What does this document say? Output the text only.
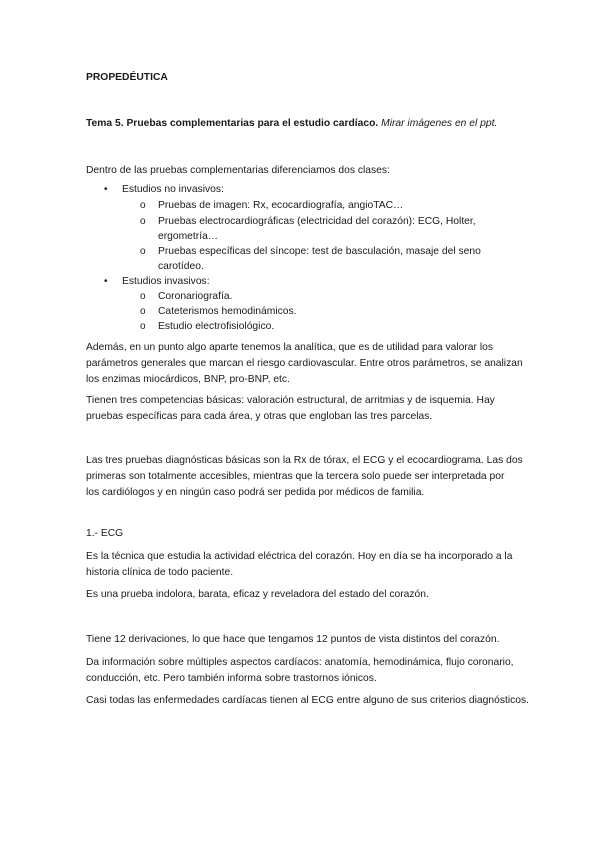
PROPEDÉUTICA

Tema 5. Pruebas complementarias para el estudio cardíaco. Mirar imágenes en el ppt.

Dentro de las pruebas complementarias diferenciamos dos clases:

• Estudios no invasivos:

o Pruebas de imagen: Rx, ecocardiografía, angioTAC…

o Pruebas electrocardiográficas (electricidad del corazón): ECG, Holter,

ergometría…

o Pruebas específicas del síncope: test de basculación, masaje del seno

carotídeo.

• Estudios invasivos:

o Coronariografía.

o Cateterismos hemodinámicos.

o Estudio electrofisiológico.

Además, en un punto algo aparte tenemos la analítica, que es de utilidad para valorar los

parámetros generales que marcan el riesgo cardiovascular. Entre otros parámetros, se analizan

los enzimas miocárdicos, BNP, pro-BNP, etc.

Tienen tres competencias básicas: valoración estructural, de arritmias y de isquemia. Hay

pruebas específicas para cada área, y otras que engloban las tres parcelas.

Las tres pruebas diagnósticas básicas son la Rx de tórax, el ECG y el ecocardiograma. Las dos

primeras son totalmente accesibles, mientras que la tercera solo puede ser interpretada por

los cardiólogos y en ningún caso podrá ser pedida por médicos de familia.

1.- ECG

Es la técnica que estudia la actividad eléctrica del corazón. Hoy en día se ha incorporado a la

historia clínica de todo paciente.

Es una prueba indolora, barata, eficaz y reveladora del estado del corazón.

Tiene 12 derivaciones, lo que hace que tengamos 12 puntos de vista distintos del corazón.

Da información sobre múltiples aspectos cardíacos: anatomía, hemodinámica, flujo coronario,

conducción, etc. Pero también informa sobre trastornos iónicos.

Casi todas las enfermedades cardíacas tienen al ECG entre alguno de sus criterios diagnósticos.
